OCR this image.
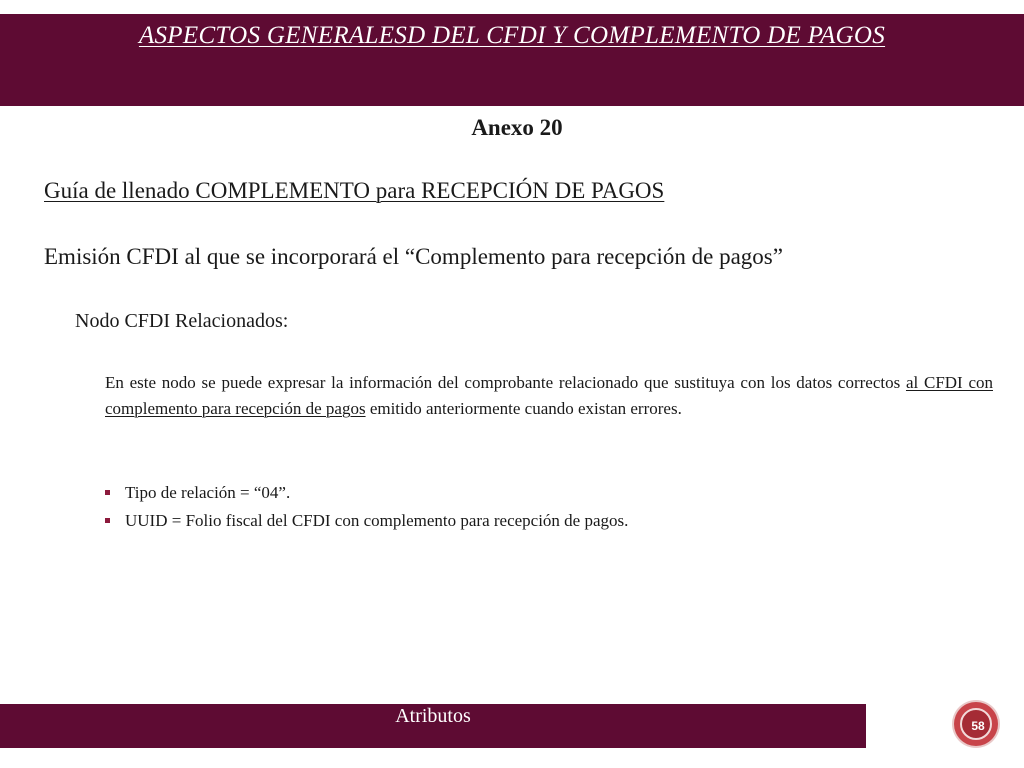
ASPECTOS GENERALESD DEL CFDI Y COMPLEMENTO DE PAGOS
Anexo 20
Guía de llenado COMPLEMENTO para RECEPCIÓN DE PAGOS
Emisión CFDI al que se incorporará el “Complemento para recepción de pagos”
Nodo CFDI Relacionados:
En este nodo se puede expresar la información del comprobante relacionado que sustituya con los datos correctos al CFDI con complemento para recepción de pagos emitido anteriormente cuando existan errores.
Tipo de relación = “04”.
UUID = Folio fiscal del CFDI con complemento para recepción de pagos.
Atributos	58
